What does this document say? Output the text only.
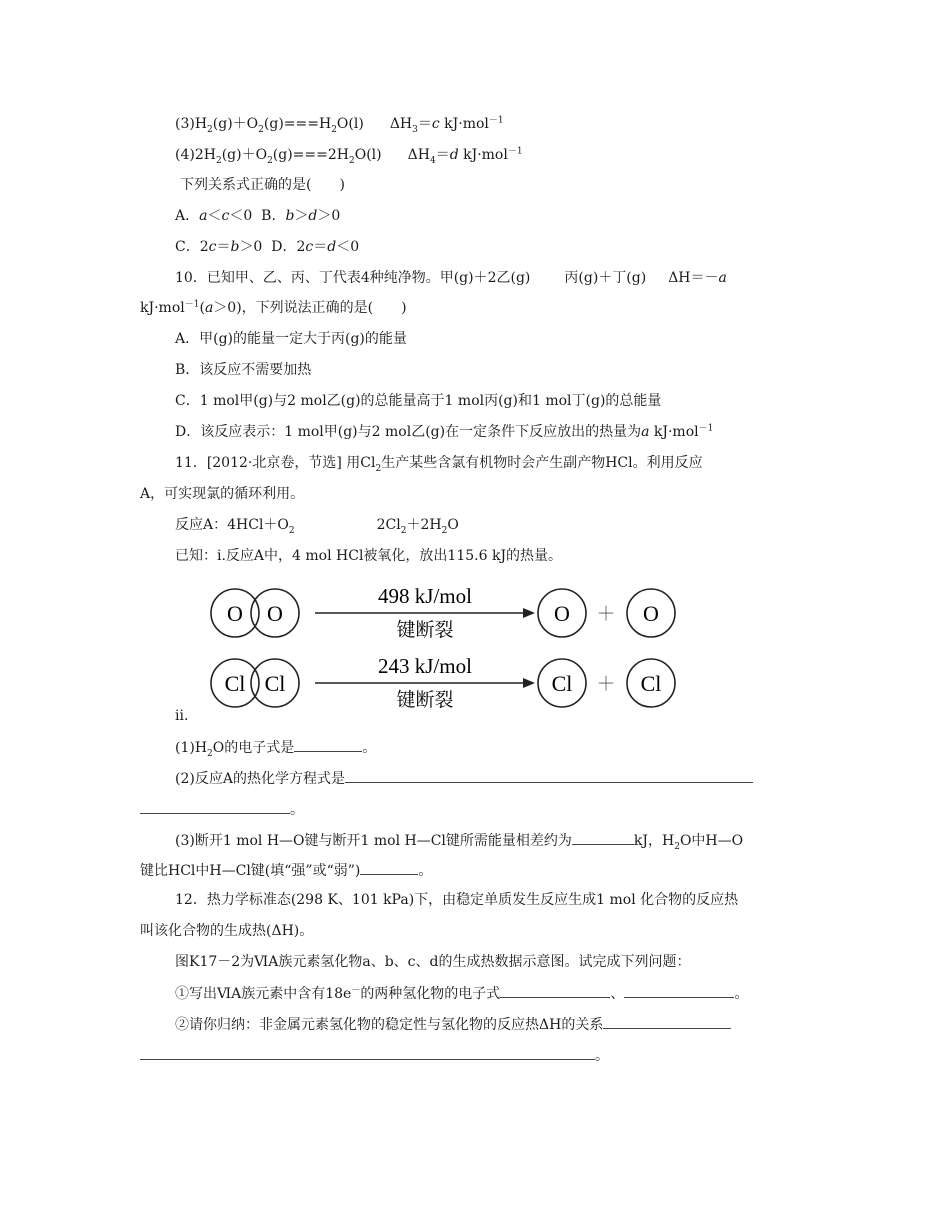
$(3)H_2(g)+O_2(g)===H_2O(l)$ $\Delta H_3=c$ kJ·mol$^{-1}$
$(4)2H_2(g)+O_2(g)===2H_2O(l)$ $\Delta H_4=d$ kJ·mol$^{-1}$
下列关系式正确的是(　　)
A．a＜c＜0 B．b＞d＞0
C．2c＝b＞0 D．2c＝d＜0
10．已知甲、乙、丙、丁代表4种纯净物。甲(g)＋2乙(g) 丙(g)＋丁(g) ΔH＝－a
kJ·mol$^{-1}$(a＞0)，下列说法正确的是(　　)
A．甲(g)的能量一定大于丙(g)的能量
B．该反应不需要加热
C．1 mol甲(g)与2 mol乙(g)的总能量高于1 mol丙(g)和1 mol丁(g)的总能量
D．该反应表示：1 mol甲(g)与2 mol乙(g)在一定条件下反应放出的热量为a kJ·mol$^{-1}$
11．[2012·北京卷，节选] 用$Cl_2$生产某些含氯有机物时会产生副产物HCl。利用反应
A，可实现氯的循环利用。
反应A：$4HCl+O_2$	$2Cl_2+2H_2O$
已知：ⅰ.反应A中，4 mol HCl被氧化，放出115.6 kJ的热量。
O O
498 kJ/mol
键断裂
O ＋ O
Cl Cl
243 kJ/mol
键断裂
Cl ＋ Cl
ⅱ.
$(1)H_2O$的电子式是	。
(2)反应A的热化学方程式是
。
(3)断开1 mol H—O键与断开1 mol H—Cl键所需能量相差约为	kJ，$H_2O$中H—O
键比HCl中H—Cl键(填“强”或“弱”)	。
12．热力学标准态(298 K、101 kPa)下，由稳定单质发生反应生成1 mol 化合物的反应热
叫该化合物的生成热(ΔH)。
图K17－2为ⅥA族元素氢化物a、b、c、d的生成热数据示意图。试完成下列问题：
①写出ⅥA族元素中含有18e－的两种氢化物的电子式	、	。
②请你归纳：非金属元素氢化物的稳定性与氢化物的反应热ΔH的关系
。
